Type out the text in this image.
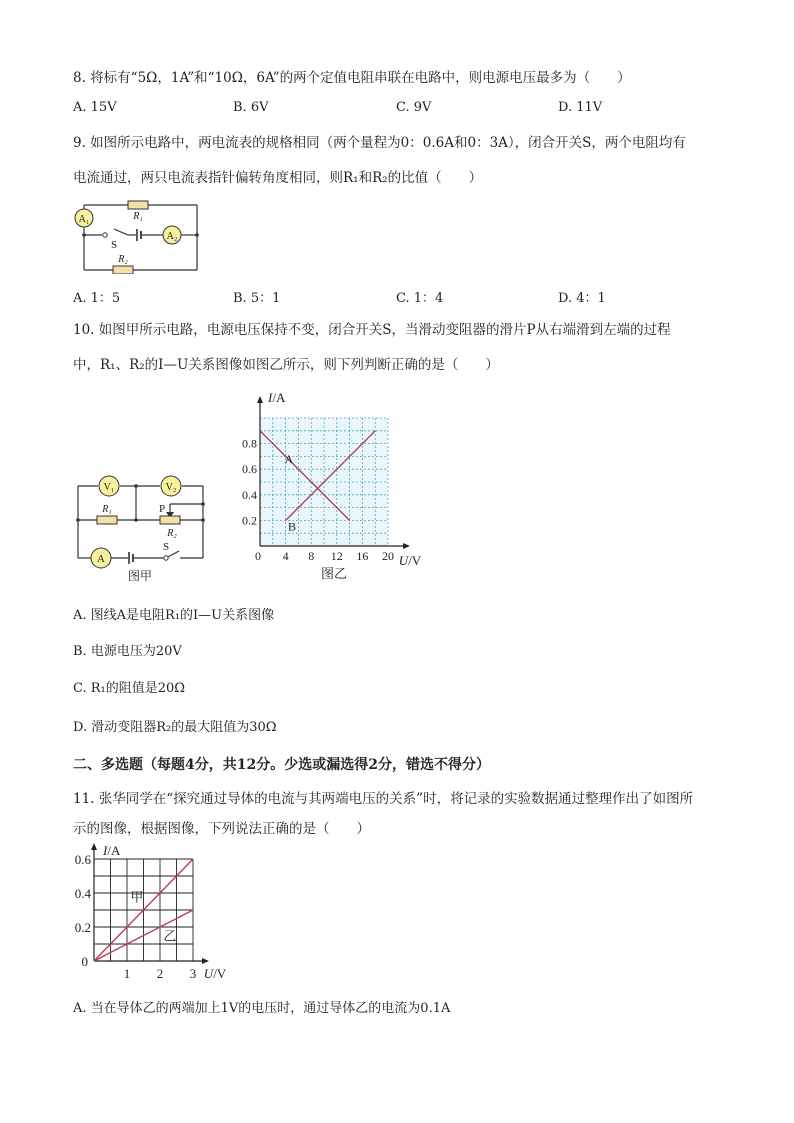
8. 将标有“5Ω，1A”和“10Ω，6A”的两个定值电阻串联在电路中，则电源电压最多为（　　）
A. 15V	B. 6V	C. 9V	D. 11V
9. 如图所示电路中，两电流表的规格相同（两个量程为0：0.6A和0：3A），闭合开关S，两个电阻均有
电流通过，两只电流表指针偏转角度相同，则R₁和R₂的比值（　　）
A₁
A₂
R₁
R₂
S
A. 1：5	B. 5：1	C. 1：4	D. 4：1
10. 如图甲所示电路，电源电压保持不变，闭合开关S，当滑动变阻器的滑片P从右端滑到左端的过程
中，R₁、R₂的I—U关系图像如图乙所示，则下列判断正确的是（　　）
V₁	V₂
A
R₁	P
R₂
S
图甲
0 4 8 12 16 20
0.2
0.4
0.6
0.8
I/A
U/V
图乙
A
B
A. 图线A是电阻R₁的I—U关系图像
B. 电源电压为20V
C. R₁的阻值是20Ω
D. 滑动变阻器R₂的最大阻值为30Ω
二、多选题（每题4分，共12分。少选或漏选得2分，错选不得分）
11. 张华同学在“探究通过导体的电流与其两端电压的关系”时，将记录的实验数据通过整理作出了如图所
示的图像，根据图像，下列说法正确的是（　　）
0
1 2 3
0.2
0.4
0.6
I/A
U/V
甲
乙
A. 当在导体乙的两端加上1V的电压时，通过导体乙的电流为0.1A
